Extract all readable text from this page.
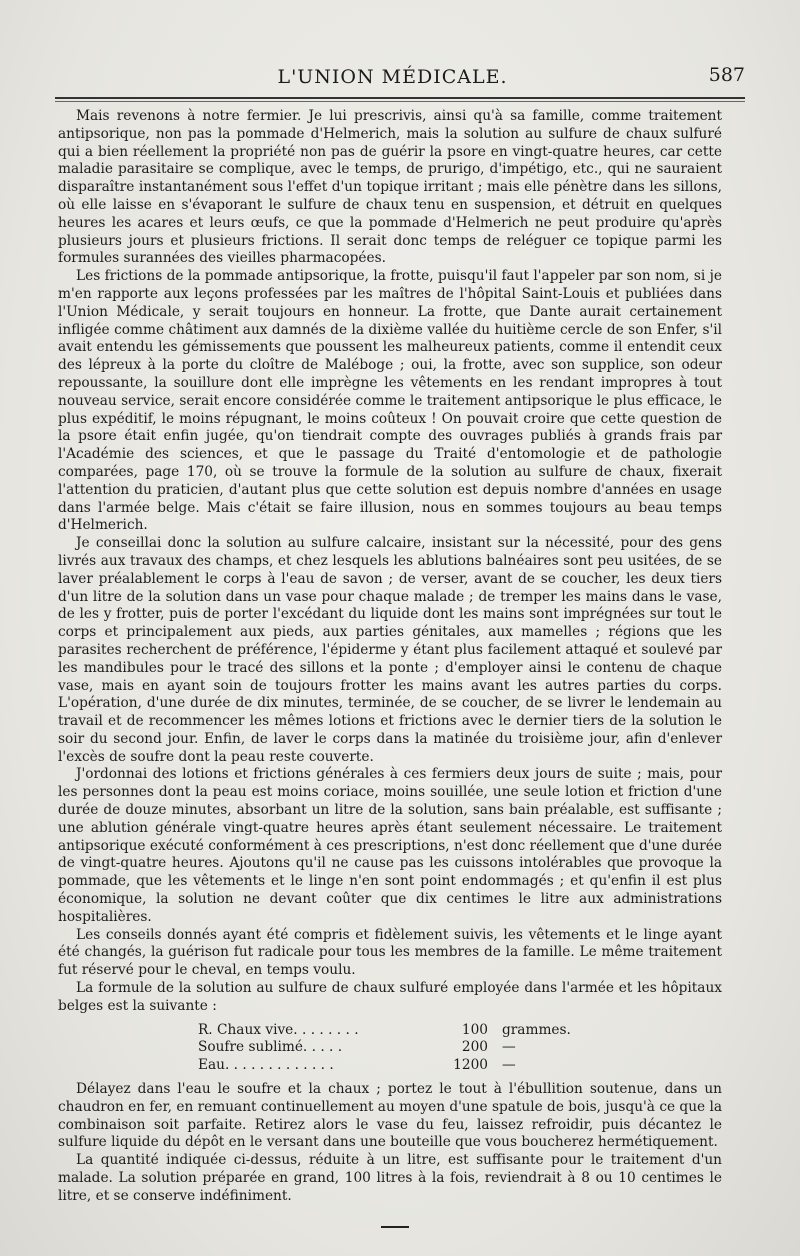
L'UNION MÉDICALE.	587

Mais revenons à notre fermier. Je lui prescrivis, ainsi qu'à sa famille, comme traitement antipsorique, non pas la pommade d'Helmerich, mais la solution au sulfure de chaux sulfuré qui a bien réellement la propriété non pas de guérir la psore en vingt-quatre heures, car cette maladie parasitaire se complique, avec le temps, de prurigo, d'impétigo, etc., qui ne sauraient disparaître instantanément sous l'effet d'un topique irritant ; mais elle pénètre dans les sillons, où elle laisse en s'évaporant le sulfure de chaux tenu en suspension, et détruit en quelques heures les acares et leurs œufs, ce que la pommade d'Helmerich ne peut produire qu'après plusieurs jours et plusieurs frictions. Il serait donc temps de reléguer ce topique parmi les formules surannées des vieilles pharmacopées.

Les frictions de la pommade antipsorique, la frotte, puisqu'il faut l'appeler par son nom, si je m'en rapporte aux leçons professées par les maîtres de l'hôpital Saint-Louis et publiées dans l'Union Médicale, y serait toujours en honneur. La frotte, que Dante aurait certainement infligée comme châtiment aux damnés de la dixième vallée du huitième cercle de son Enfer, s'il avait entendu les gémissements que poussent les malheureux patients, comme il entendit ceux des lépreux à la porte du cloître de Maléboge ; oui, la frotte, avec son supplice, son odeur repoussante, la souillure dont elle imprègne les vêtements en les rendant impropres à tout nouveau service, serait encore considérée comme le traitement antipsorique le plus efficace, le plus expéditif, le moins répugnant, le moins coûteux ! On pouvait croire que cette question de la psore était enfin jugée, qu'on tiendrait compte des ouvrages publiés à grands frais par l'Académie des sciences, et que le passage du Traité d'entomologie et de pathologie comparées, page 170, où se trouve la formule de la solution au sulfure de chaux, fixerait l'attention du praticien, d'autant plus que cette solution est depuis nombre d'années en usage dans l'armée belge. Mais c'était se faire illusion, nous en sommes toujours au beau temps d'Helmerich.

Je conseillai donc la solution au sulfure calcaire, insistant sur la nécessité, pour des gens livrés aux travaux des champs, et chez lesquels les ablutions balnéaires sont peu usitées, de se laver préalablement le corps à l'eau de savon ; de verser, avant de se coucher, les deux tiers d'un litre de la solution dans un vase pour chaque malade ; de tremper les mains dans le vase, de les y frotter, puis de porter l'excédant du liquide dont les mains sont imprégnées sur tout le corps et principalement aux pieds, aux parties génitales, aux mamelles ; régions que les parasites recherchent de préférence, l'épiderme y étant plus facilement attaqué et soulevé par les mandibules pour le tracé des sillons et la ponte ; d'employer ainsi le contenu de chaque vase, mais en ayant soin de toujours frotter les mains avant les autres parties du corps. L'opération, d'une durée de dix minutes, terminée, de se coucher, de se livrer le lendemain au travail et de recommencer les mêmes lotions et frictions avec le dernier tiers de la solution le soir du second jour. Enfin, de laver le corps dans la matinée du troisième jour, afin d'enlever l'excès de soufre dont la peau reste couverte.

J'ordonnai des lotions et frictions générales à ces fermiers deux jours de suite ; mais, pour les personnes dont la peau est moins coriace, moins souillée, une seule lotion et friction d'une durée de douze minutes, absorbant un litre de la solution, sans bain préalable, est suffisante ; une ablution générale vingt-quatre heures après étant seulement nécessaire. Le traitement antipsorique exécuté conformément à ces prescriptions, n'est donc réellement que d'une durée de vingt-quatre heures. Ajoutons qu'il ne cause pas les cuissons intolérables que provoque la pommade, que les vêtements et le linge n'en sont point endommagés ; et qu'enfin il est plus économique, la solution ne devant coûter que dix centimes le litre aux administrations hospitalières.

Les conseils donnés ayant été compris et fidèlement suivis, les vêtements et le linge ayant été changés, la guérison fut radicale pour tous les membres de la famille. Le même traitement fut réservé pour le cheval, en temps voulu.

La formule de la solution au sulfure de chaux sulfuré employée dans l'armée et les hôpitaux belges est la suivante :

R. Chaux vive. . . . . . . .	100	grammes.
Soufre sublimé. . . . .	200	—
Eau. . . . . . . . . . . . .	1200	—

Délayez dans l'eau le soufre et la chaux ; portez le tout à l'ébullition soutenue, dans un chaudron en fer, en remuant continuellement au moyen d'une spatule de bois, jusqu'à ce que la combinaison soit parfaite. Retirez alors le vase du feu, laissez refroidir, puis décantez le sulfure liquide du dépôt en le versant dans une bouteille que vous boucherez hermétiquement.

La quantité indiquée ci-dessus, réduite à un litre, est suffisante pour le traitement d'un malade. La solution préparée en grand, 100 litres à la fois, reviendrait à 8 ou 10 centimes le litre, et se conserve indéfiniment.
